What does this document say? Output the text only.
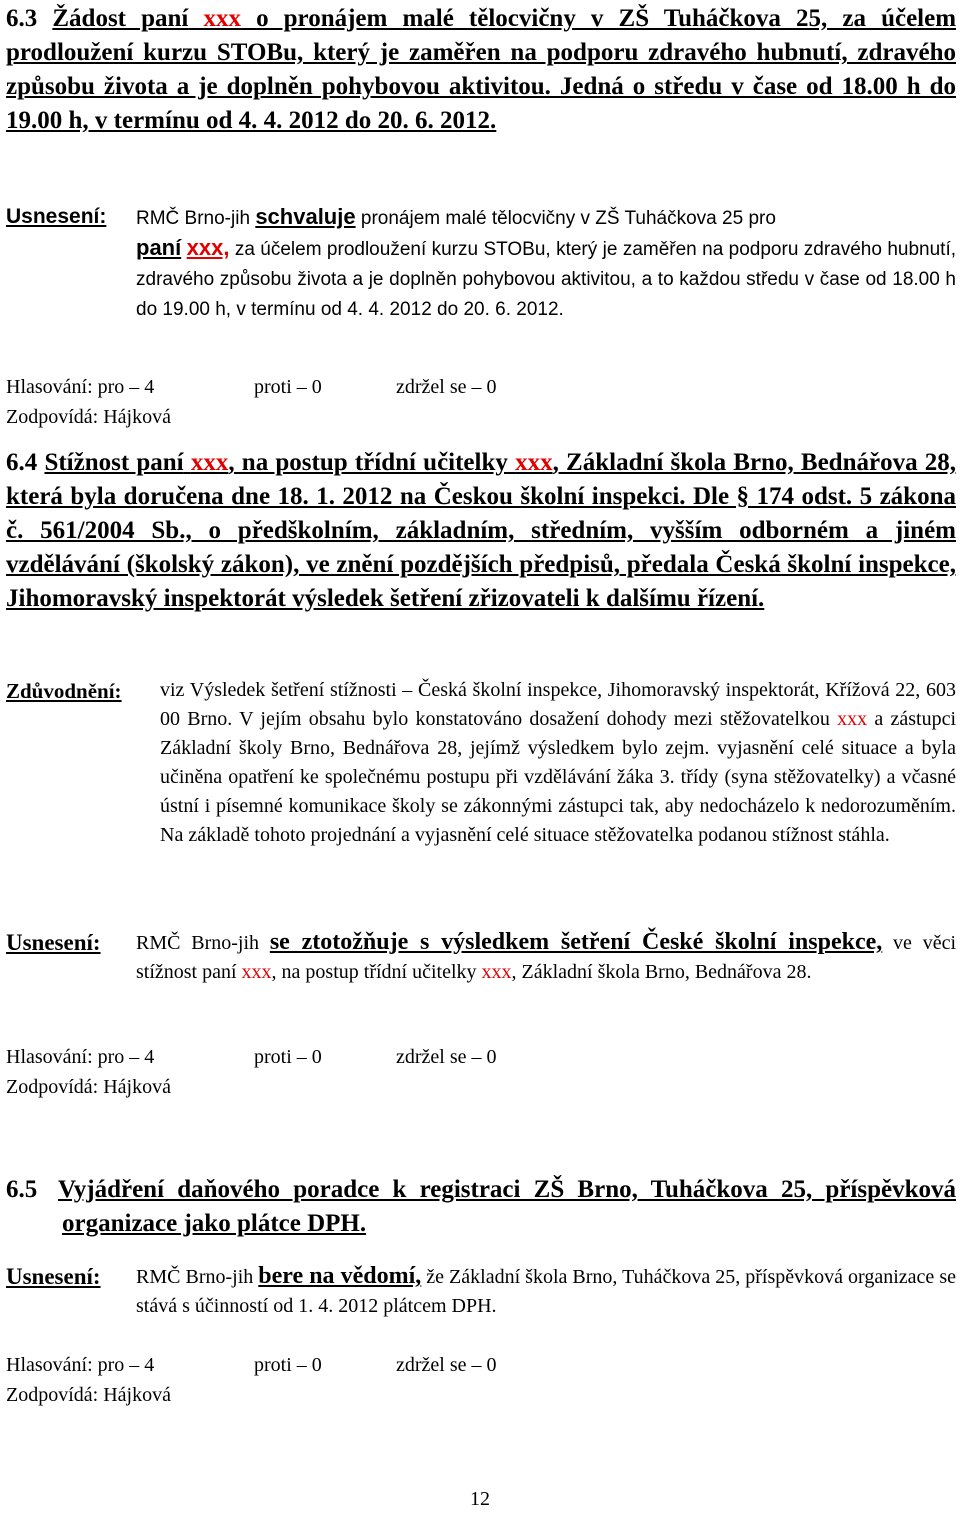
6.3 Žádost paní xxx o pronájem malé tělocvičny v ZŠ Tuháčkova 25, za účelem prodloužení kurzu STOBu, který je zaměřen na podporu zdravého hubnutí, zdravého způsobu života a je doplněn pohybovou aktivitou. Jedná o středu v čase od 18.00 h do 19.00 h, v termínu od 4. 4. 2012 do 20. 6. 2012.
Usnesení: RMČ Brno-jih schvaluje pronájem malé tělocvičny v ZŠ Tuháčkova 25 pro
paní xxx, za účelem prodloužení kurzu STOBu, který je zaměřen na podporu zdravého hubnutí, zdravého způsobu života a je doplněn pohybovou aktivitou, a to každou středu v čase od 18.00 h do 19.00 h, v termínu od 4. 4. 2012 do 20. 6. 2012.
Hlasování: pro – 4	proti – 0	zdržel se – 0
Zodpovídá: Hájková
6.4 Stížnost paní xxx, na postup třídní učitelky xxx, Základní škola Brno, Bednářova 28, která byla doručena dne 18. 1. 2012 na Českou školní inspekci. Dle § 174 odst. 5 zákona č. 561/2004 Sb., o předškolním, základním, středním, vyšším odborném a jiném vzdělávání (školský zákon), ve znění pozdějších předpisů, předala Česká školní inspekce, Jihomoravský inspektorát výsledek šetření zřizovateli k dalšímu řízení.
Zdůvodnění: viz Výsledek šetření stížnosti – Česká školní inspekce, Jihomoravský inspektorát, Křížová 22, 603 00 Brno. V jejím obsahu bylo konstatováno dosažení dohody mezi stěžovatelkou xxx a zástupci Základní školy Brno, Bednářova 28, jejímž výsledkem bylo zejm. vyjasnění celé situace a byla učiněna opatření ke společnému postupu při vzdělávání žáka 3. třídy (syna stěžovatelky) a včasné ústní i písemné komunikace školy se zákonnými zástupci tak, aby nedocházelo k nedorozuměním. Na základě tohoto projednání a vyjasnění celé situace stěžovatelka podanou stížnost stáhla.
Usnesení: RMČ Brno-jih se ztotožňuje s výsledkem šetření České školní inspekce, ve věci stížnost paní xxx, na postup třídní učitelky xxx, Základní škola Brno, Bednářova 28.
Hlasování: pro – 4	proti – 0	zdržel se – 0
Zodpovídá: Hájková
6.5 Vyjádření daňového poradce k registraci ZŠ Brno, Tuháčkova 25, příspěvková organizace jako plátce DPH.
Usnesení: RMČ Brno-jih bere na vědomí, že Základní škola Brno, Tuháčkova 25, příspěvková organizace se stává s účinností od 1. 4. 2012 plátcem DPH.
Hlasování: pro – 4	proti – 0	zdržel se – 0
Zodpovídá: Hájková
12
